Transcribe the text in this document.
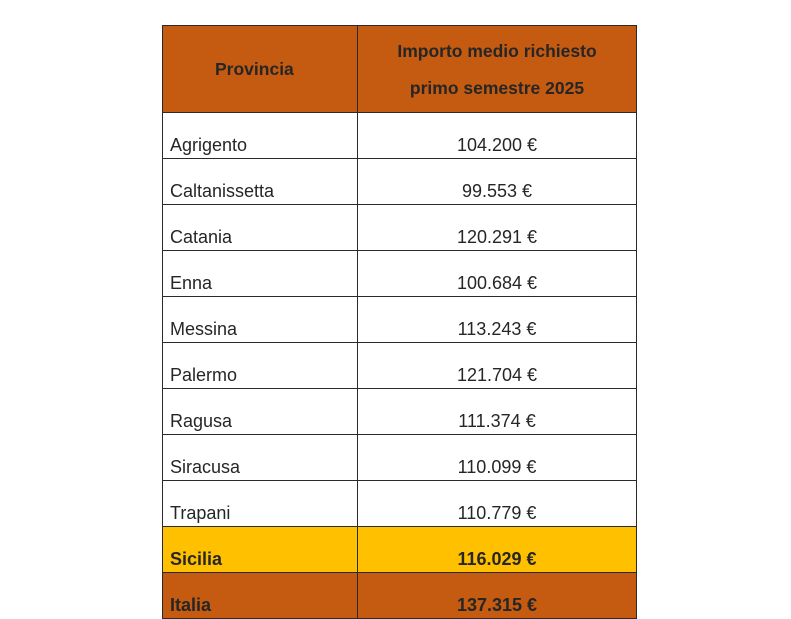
Provincia	Importo medio richiesto
primo semestre 2025

Agrigento	104.200 €
Caltanissetta	99.553 €
Catania	120.291 €
Enna	100.684 €
Messina	113.243 €
Palermo	121.704 €
Ragusa	111.374 €
Siracusa	110.099 €
Trapani	110.779 €
Sicilia	116.029 €
Italia	137.315 €
